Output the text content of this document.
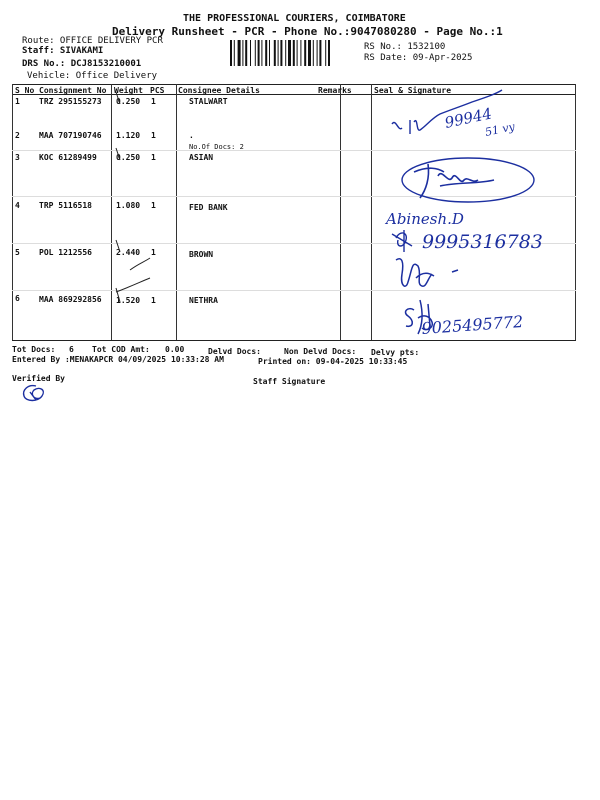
THE PROFESSIONAL COURIERS, COIMBATORE
Delivery Runsheet - PCR - Phone No.:9047080280 - Page No.:1
Route: OFFICE DELIVERY PCR
Staff: SIVAKAMI
DRS No.: DCJ8153210001
Vehicle: Office Delivery
RS No.: 1532100
RS Date: 09-Apr-2025
S No Consignment No Weight PCS Consignee Details	Remarks	Seal & Signature
1 TRZ 295155273 0.250 1	STALWART
2 MAA 707190746 1.120 1	.
No.Of Docs: 2
3 KOC 61289499 0.250 1	ASIAN
4 TRP 5116518	1.080 1	FED BANK
5 POL 1212556	2.440 1	BROWN
6 MAA 869292856 1.520 1	NETHRA
99944
51 vy
Abinesh.D
9995316783
9025495772
Tot Docs: 6 Tot COD Amt: 0.00	Delvd Docs:	Non Delvd Docs: Delvy pts:
Entered By :MENAKAPCR 04/09/2025 10:33:28 AM	Printed on: 09-04-2025 10:33:45
Verified By	Staff Signature
